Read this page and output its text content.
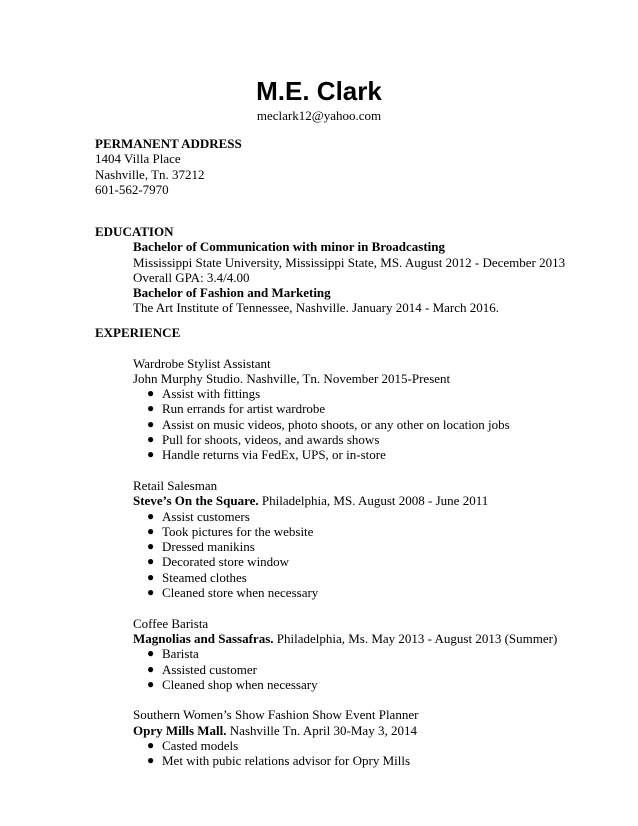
M.E. Clark
meclark12@yahoo.com
PERMANENT ADDRESS
1404 Villa Place
Nashville, Tn. 37212
601-562-7970
EDUCATION
Bachelor of Communication with minor in Broadcasting
Mississippi State University, Mississippi State, MS. August 2012 - December 2013
Overall GPA: 3.4/4.00
Bachelor of Fashion and Marketing
The Art Institute of Tennessee, Nashville. January 2014 - March 2016.
EXPERIENCE
Wardrobe Stylist Assistant
John Murphy Studio. Nashville, Tn. November 2015-Present
● Assist with fittings
● Run errands for artist wardrobe
● Assist on music videos, photo shoots, or any other on location jobs
● Pull for shoots, videos, and awards shows
● Handle returns via FedEx, UPS, or in-store
Retail Salesman
Steve’s On the Square. Philadelphia, MS. August 2008 - June 2011
● Assist customers
● Took pictures for the website
● Dressed manikins
● Decorated store window
● Steamed clothes
● Cleaned store when necessary
Coffee Barista
Magnolias and Sassafras. Philadelphia, Ms. May 2013 - August 2013 (Summer)
● Barista
● Assisted customer
● Cleaned shop when necessary
Southern Women’s Show Fashion Show Event Planner
Opry Mills Mall. Nashville Tn. April 30-May 3, 2014
● Casted models
● Met with pubic relations advisor for Opry Mills
